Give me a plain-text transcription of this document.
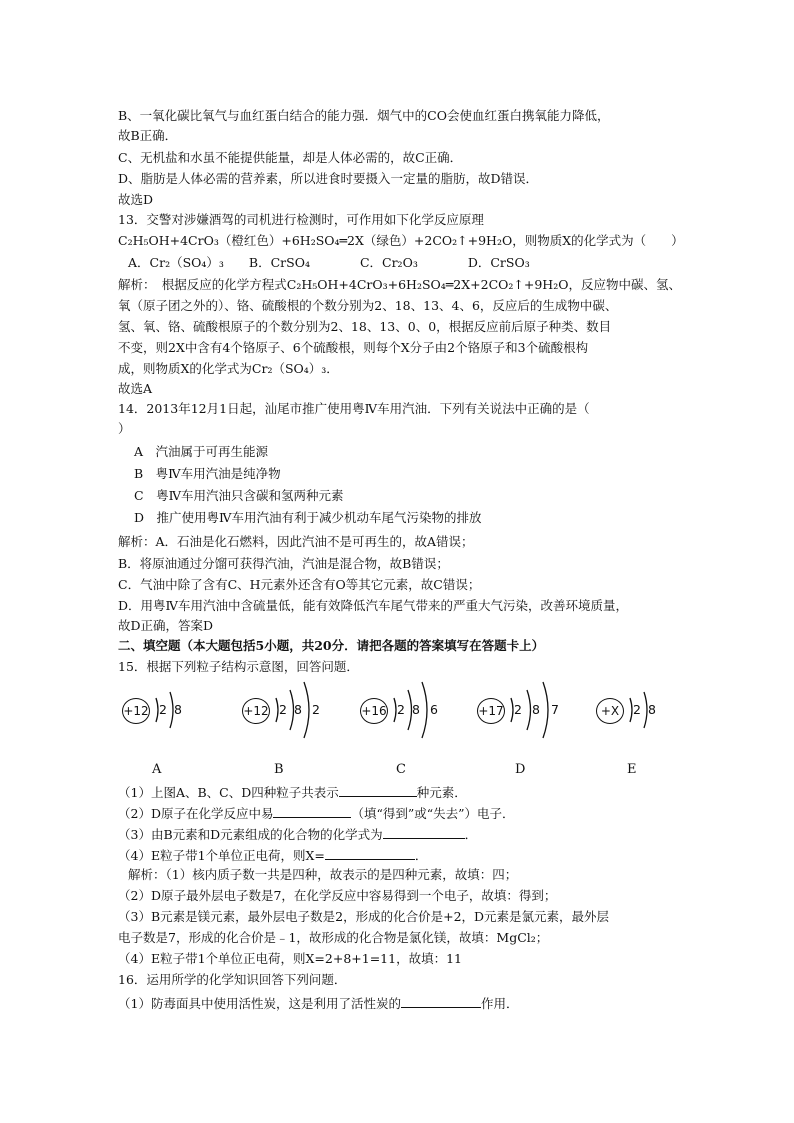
B、一氧化碳比氧气与血红蛋白结合的能力强．烟气中的CO会使血红蛋白携氧能力降低，
故B正确．
C、无机盐和水虽不能提供能量，却是人体必需的，故C正确．
D、脂肪是人体必需的营养素，所以进食时要摄入一定量的脂肪，故D错误．
故选D
13．交警对涉嫌酒驾的司机进行检测时，可作用如下化学反应原理
C₂H₅OH+4CrO₃（橙红色）+6H₂SO₄═2X（绿色）+2CO₂↑+9H₂O，则物质X的化学式为（　　）
A．Cr₂（SO₄）₃　　B．CrSO₄　　　　C．Cr₂O₃　　　　D．CrSO₃
解析：　根据反应的化学方程式C₂H₅OH+4CrO₃+6H₂SO₄═2X+2CO₂↑+9H₂O，反应物中碳、氢、
氧（原子团之外的）、铬、硫酸根的个数分别为2、18、13、4、6，反应后的生成物中碳、
氢、氧、铬、硫酸根原子的个数分别为2、18、13、0、0，根据反应前后原子种类、数目
不变，则2X中含有4个铬原子、6个硫酸根，则每个X分子由2个铬原子和3个硫酸根构
成，则物质X的化学式为Cr₂（SO₄）₃．
故选A
14．2013年12月1日起，汕尾市推广使用粤Ⅳ车用汽油．下列有关说法中正确的是（
）
A　汽油属于可再生能源
B　粤Ⅳ车用汽油是纯净物
C　粤Ⅳ车用汽油只含碳和氢两种元素
D　推广使用粤Ⅳ车用汽油有利于减少机动车尾气污染物的排放
解析：A．石油是化石燃料，因此汽油不是可再生的，故A错误；
B．将原油通过分馏可获得汽油，汽油是混合物，故B错误；
C．气油中除了含有C、H元素外还含有O等其它元素，故C错误；
D．用粤Ⅳ车用汽油中含硫量低，能有效降低汽车尾气带来的严重大气污染，改善环境质量，
故D正确，答案D
二、填空题（本大题包括5小题，共20分．请把各题的答案填写在答题卡上）
15．根据下列粒子结构示意图，回答问题．
+12 2 8	+12 2 8 2	+16 2 8 6	+17 2 8 7	+X	2 8
A	B	C	D	E
（1）上图A、B、C、D四种粒子共表示	种元素．
（2）D原子在化学反应中易	（填“得到”或“失去”）电子．
（3）由B元素和D元素组成的化合物的化学式为	．
（4）E粒子带1个单位正电荷，则X=	．
解析：（1）核内质子数一共是四种，故表示的是四种元素，故填：四；
（2）D原子最外层电子数是7，在化学反应中容易得到一个电子，故填：得到；
（3）B元素是镁元素，最外层电子数是2，形成的化合价是+2，D元素是氯元素，最外层
电子数是7，形成的化合价是﹣1，故形成的化合物是氯化镁，故填：MgCl₂；
（4）E粒子带1个单位正电荷，则X=2+8+1=11，故填：11
16．运用所学的化学知识回答下列问题．
（1）防毒面具中使用活性炭，这是利用了活性炭的	作用．
